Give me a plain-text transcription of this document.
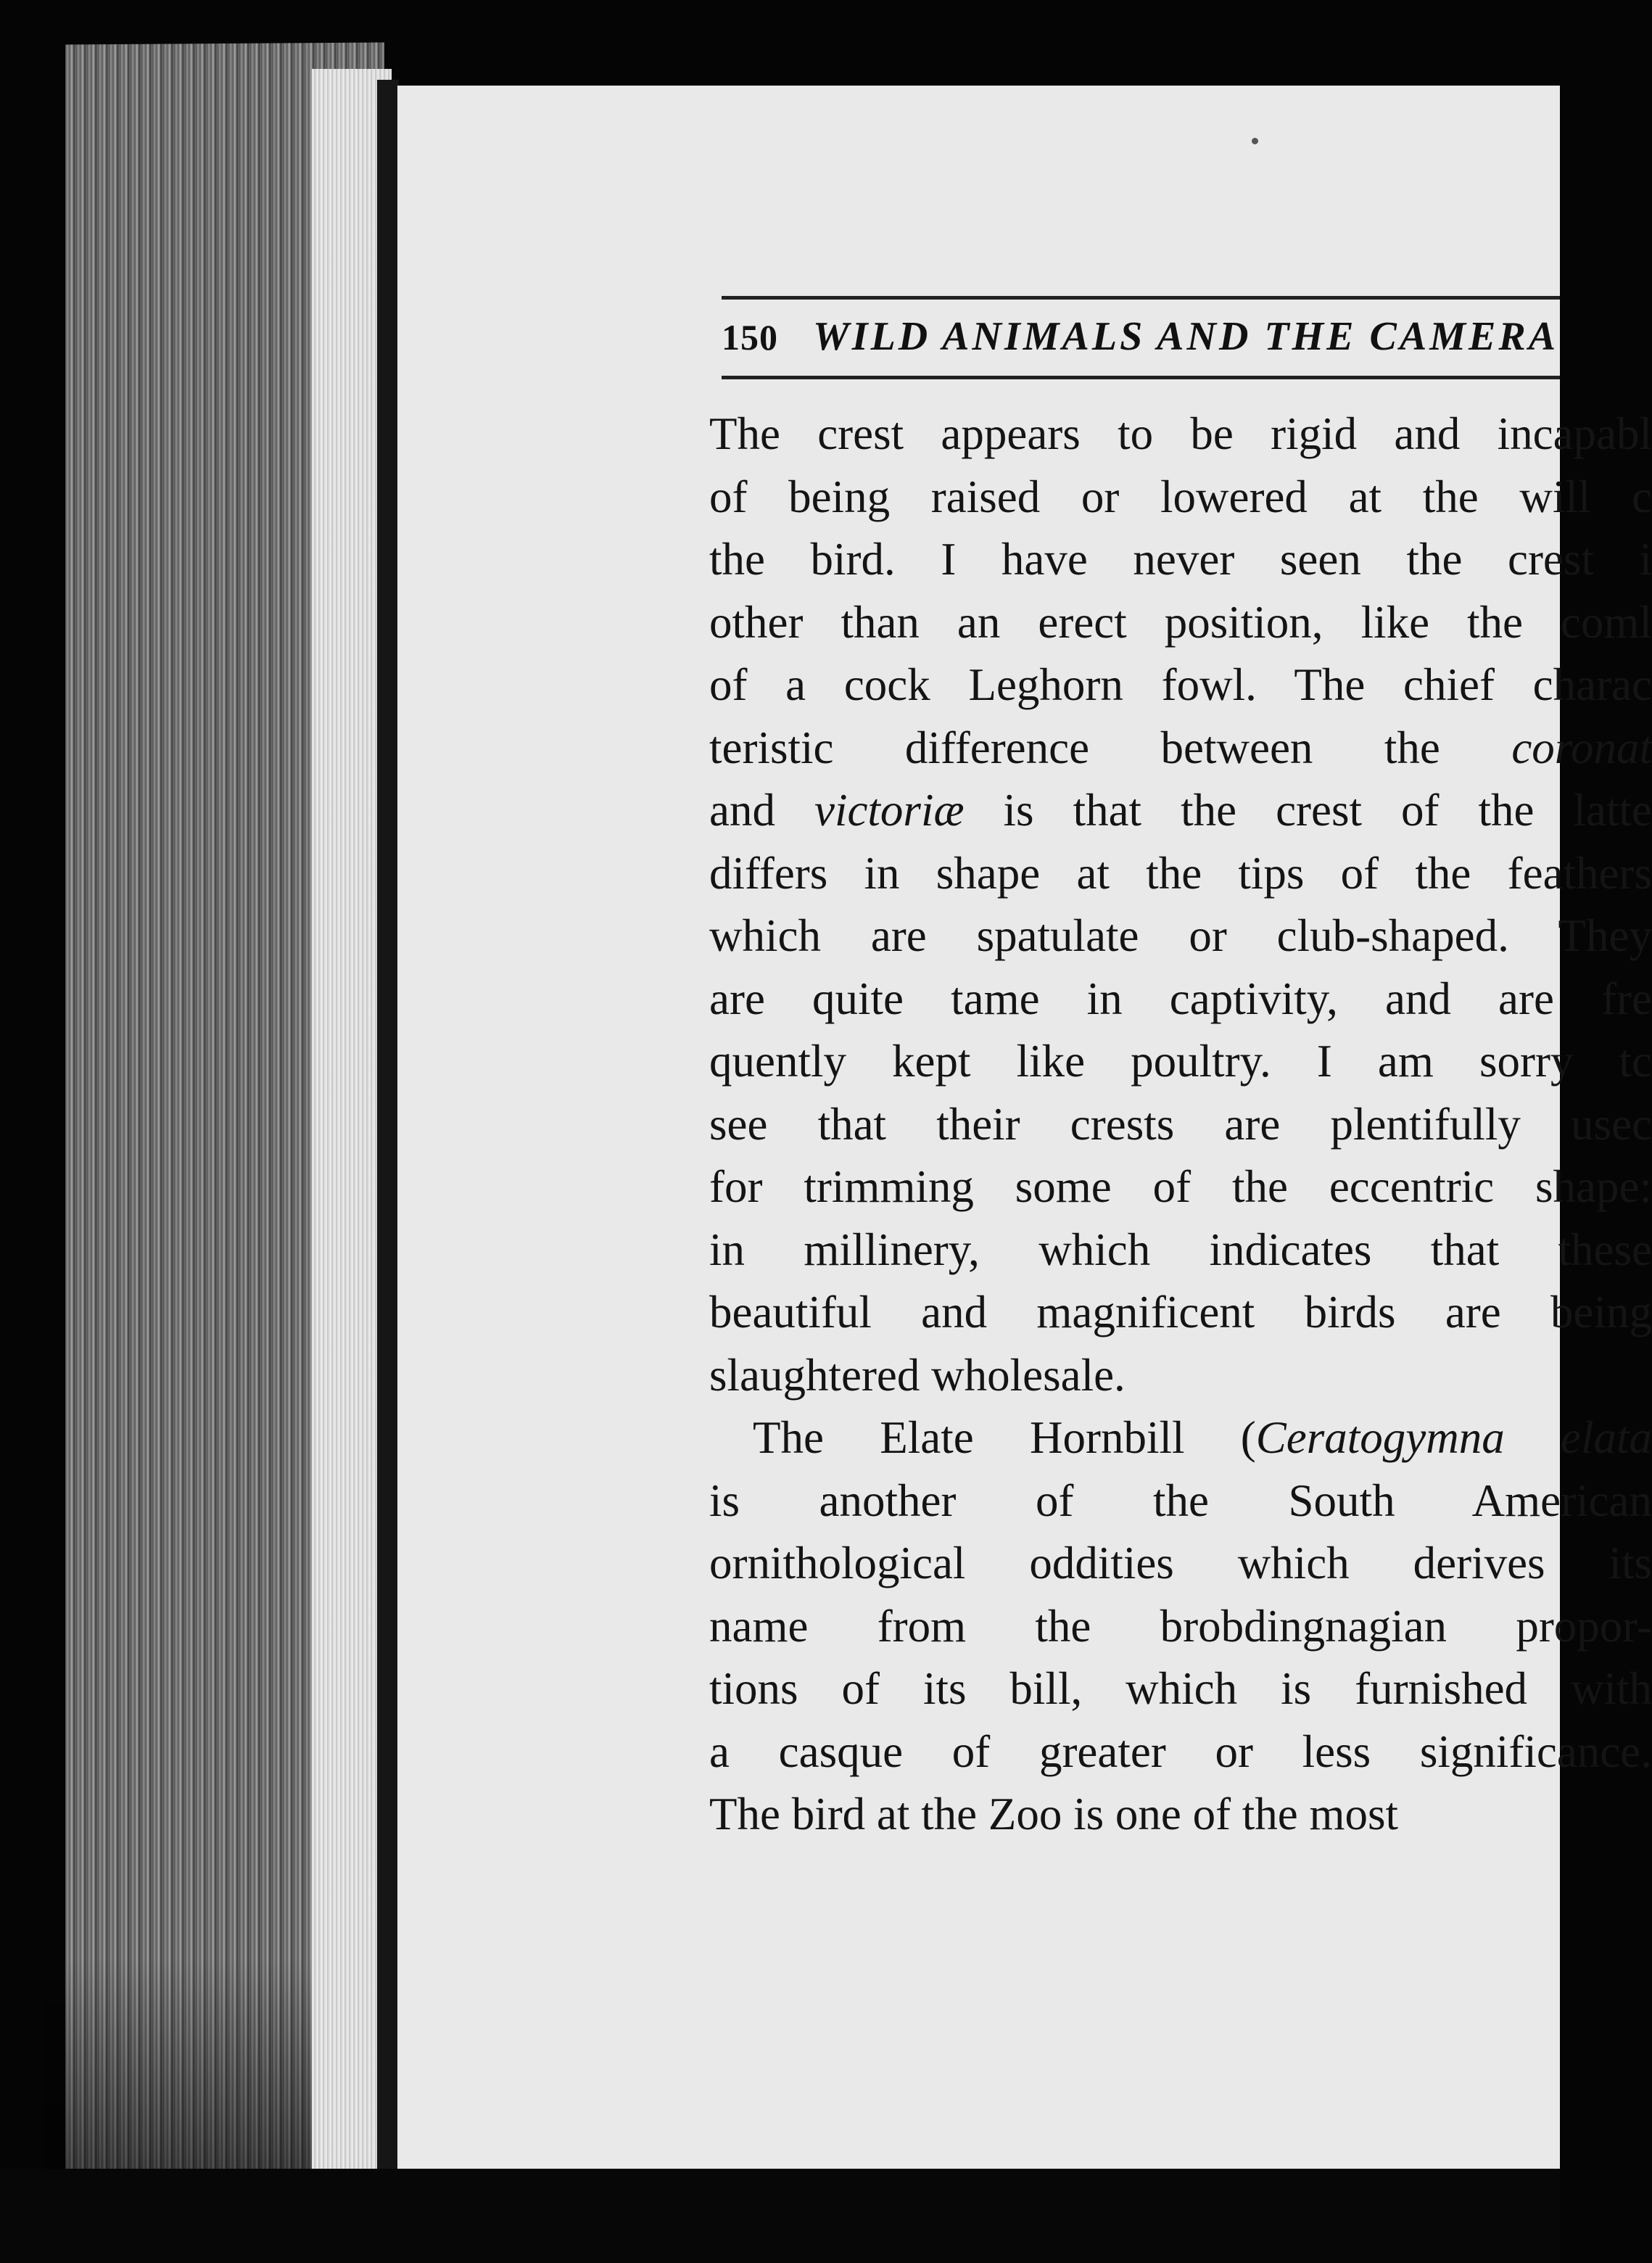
150 WILD ANIMALS AND THE CAMERA
The crest appears to be rigid and incapabl
of being raised or lowered at the will c
the bird. I have never seen the crest i
other than an erect position, like the coml
of a cock Leghorn fowl. The chief charac
teristic difference between the coronat
and victoriæ is that the crest of the latte
differs in shape at the tips of the feathers
which are spatulate or club-shaped. They
are quite tame in captivity, and are fre
quently kept like poultry. I am sorry tc
see that their crests are plentifully usec
for trimming some of the eccentric shape:
in millinery, which indicates that these
beautiful and magnificent birds are being
slaughtered wholesale.
The Elate Hornbill (Ceratogymna elata
is another of the South American
ornithological oddities which derives its
name from the brobdingnagian propor-
tions of its bill, which is furnished with
a casque of greater or less significance.
The bird at the Zoo is one of the most
